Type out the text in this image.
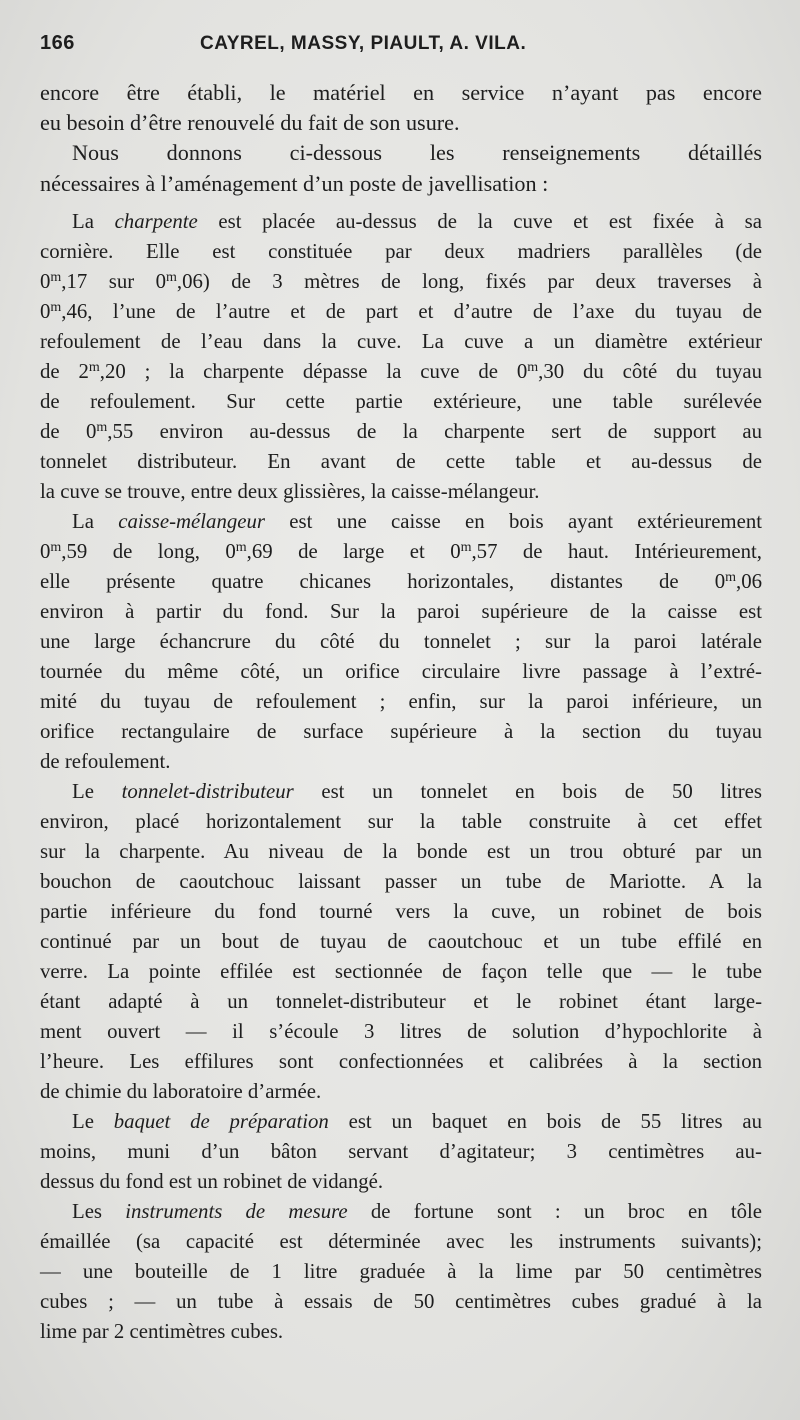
166	CAYREL, MASSY, PIAULT, A. VILA.

encore être établi, le matériel en service n’ayant pas encore
eu besoin d’être renouvelé du fait de son usure.

Nous donnons ci-dessous les renseignements détaillés

nécessaires à l’aménagement d’un poste de javellisation :

La charpente est placée au-dessus de la cuve et est fixée à sa
cornière. Elle est constituée par deux madriers parallèles (de
0$^m$,17 sur 0$^m$,06) de 3 mètres de long, fixés par deux traverses à
0$^m$,46, l’une de l’autre et de part et d’autre de l’axe du tuyau de
refoulement de l’eau dans la cuve. La cuve a un diamètre extérieur
de 2$^m$,20 ; la charpente dépasse la cuve de 0$^m$,30 du côté du tuyau
de refoulement. Sur cette partie extérieure, une table surélevée
de 0$^m$,55 environ au-dessus de la charpente sert de support au
tonnelet distributeur. En avant de cette table et au-dessus de
la cuve se trouve, entre deux glissières, la caisse-mélangeur.

La caisse-mélangeur est une caisse en bois ayant extérieurement
0$^m$,59 de long, 0$^m$,69 de large et 0$^m$,57 de haut. Intérieurement,
elle présente quatre chicanes horizontales, distantes de 0$^m$,06
environ à partir du fond. Sur la paroi supérieure de la caisse est
une large échancrure du côté du tonnelet ; sur la paroi latérale
tournée du même côté, un orifice circulaire livre passage à l’extré-
mité du tuyau de refoulement ; enfin, sur la paroi inférieure, un
orifice rectangulaire de surface supérieure à la section du tuyau
de refoulement.

Le tonnelet-distributeur est un tonnelet en bois de 50 litres
environ, placé horizontalement sur la table construite à cet effet
sur la charpente. Au niveau de la bonde est un trou obturé par un
bouchon de caoutchouc laissant passer un tube de Mariotte. A la
partie inférieure du fond tourné vers la cuve, un robinet de bois
continué par un bout de tuyau de caoutchouc et un tube effilé en
verre. La pointe effilée est sectionnée de façon telle que — le tube
étant adapté à un tonnelet-distributeur et le robinet étant large-
ment ouvert — il s’écoule 3 litres de solution d’hypochlorite à
l’heure. Les effilures sont confectionnées et calibrées à la section
de chimie du laboratoire d’armée.

Le baquet de préparation est un baquet en bois de 55 litres au
moins, muni d’un bâton servant d’agitateur; 3 centimètres au-
dessus du fond est un robinet de vidangé.

Les instruments de mesure de fortune sont : un broc en tôle
émaillée (sa capacité est déterminée avec les instruments suivants);
— une bouteille de 1 litre graduée à la lime par 50 centimètres
cubes ; — un tube à essais de 50 centimètres cubes gradué à la
lime par 2 centimètres cubes.
